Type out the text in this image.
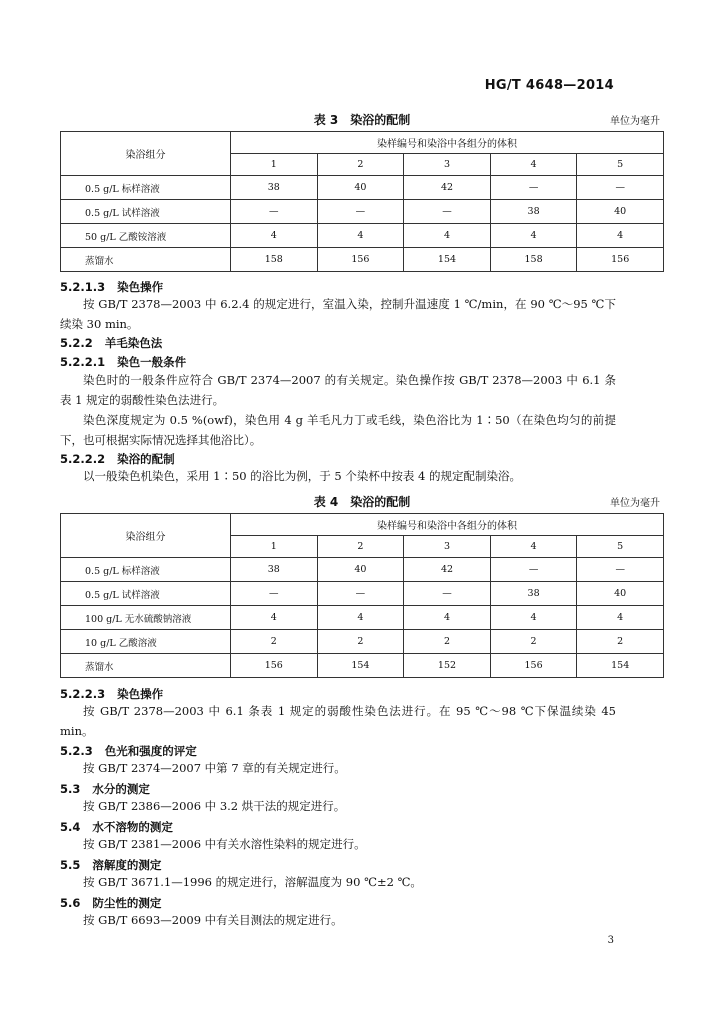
HG/T 4648—2014
表 3　染浴的配制	单位为毫升
染浴组分	染样编号和染浴中各组分的体积				
	1	2	3	4	5
0.5 g/L 标样溶液	38	40	42	—	—
0.5 g/L 试样溶液	—	—	—	38	40
50 g/L 乙酸铵溶液	4	4	4	4	4
蒸馏水	158	156	154	158	156
5.2.1.3 染色操作

按 GB/T 2378—2003 中 6.2.4 的规定进行，室温入染，控制升温速度 1 ℃/min，在 90 ℃～95 ℃下续染 30 min。

5.2.2 羊毛染色法
5.2.2.1 染色一般条件

染色时的一般条件应符合 GB/T 2374—2007 的有关规定。染色操作按 GB/T 2378—2003 中 6.1 条表 1 规定的弱酸性染色法进行。

染色深度规定为 0.5 %(owf)，染色用 4 g 羊毛凡力丁或毛线，染色浴比为 1∶50（在染色均匀的前提下，也可根据实际情况选择其他浴比）。

5.2.2.2 染浴的配制

以一般染色机染色，采用 1∶50 的浴比为例，于 5 个染杯中按表 4 的规定配制染浴。

表 4　染浴的配制	单位为毫升
染浴组分	染样编号和染浴中各组分的体积				
	1	2	3	4	5
0.5 g/L 标样溶液	38	40	42	—	—
0.5 g/L 试样溶液	—	—	—	38	40
100 g/L 无水硫酸钠溶液	4	4	4	4	4
10 g/L 乙酸溶液	2	2	2	2	2
蒸馏水	156	154	152	156	154
5.2.2.3 染色操作

按 GB/T 2378—2003 中 6.1 条表 1 规定的弱酸性染色法进行。在 95 ℃～98 ℃下保温续染 45 min。

5.2.3 色光和强度的评定

按 GB/T 2374—2007 中第 7 章的有关规定进行。

5.3 水分的测定

按 GB/T 2386—2006 中 3.2 烘干法的规定进行。

5.4 水不溶物的测定

按 GB/T 2381—2006 中有关水溶性染料的规定进行。

5.5 溶解度的测定

按 GB/T 3671.1—1996 的规定进行，溶解温度为 90 ℃±2 ℃。

5.6 防尘性的测定

按 GB/T 6693—2009 中有关目测法的规定进行。

3
